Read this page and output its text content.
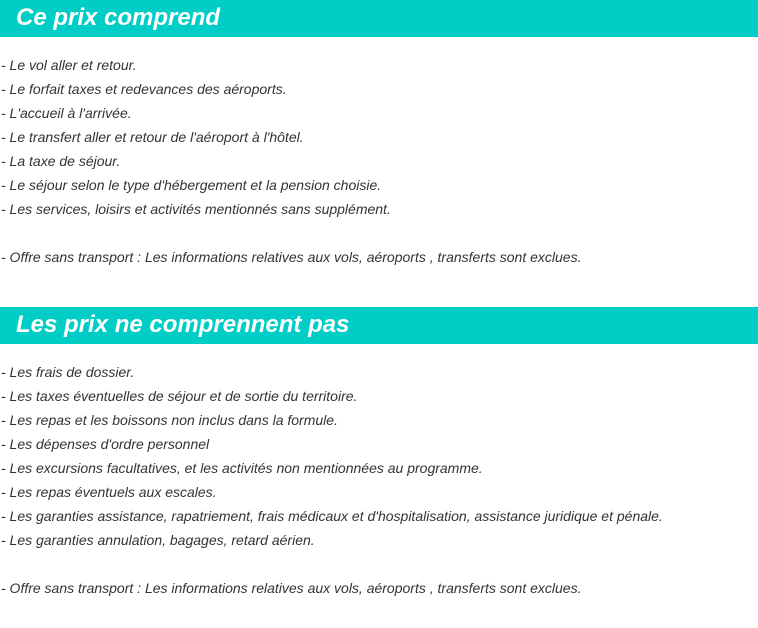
Ce prix comprend
- Le vol aller et retour.
- Le forfait taxes et redevances des aéroports.
- L'accueil à l'arrivée.
- Le transfert aller et retour de l'aéroport à l'hôtel.
- La taxe de séjour.
- Le séjour selon le type d'hébergement et la pension choisie.
- Les services, loisirs et activités mentionnés sans supplément.
- Offre sans transport : Les informations relatives aux vols, aéroports , transferts sont exclues.
Les prix ne comprennent pas
- Les frais de dossier.
- Les taxes éventuelles de séjour et de sortie du territoire.
- Les repas et les boissons non inclus dans la formule.
- Les dépenses d'ordre personnel
- Les excursions facultatives, et les activités non mentionnées au programme.
- Les repas éventuels aux escales.
- Les garanties assistance, rapatriement, frais médicaux et d'hospitalisation, assistance juridique et pénale.
- Les garanties annulation, bagages, retard aérien.
- Offre sans transport : Les informations relatives aux vols, aéroports , transferts sont exclues.
